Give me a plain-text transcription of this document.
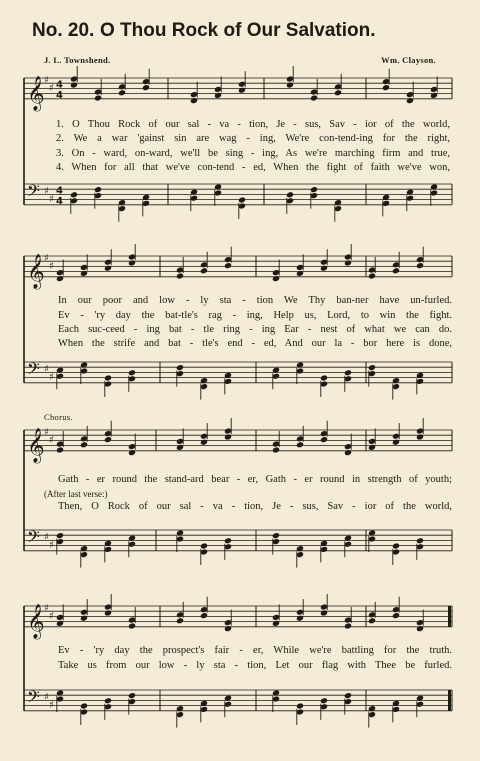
No. 20. O Thou Rock of Our Salvation.
J. L. Townshend.	Wm. Clayson.
𝄞 ♯
♯ 4
4
𝄢 ♯
♯
4
4
𝄞 ♯
♯
𝄢 ♯
♯
𝄞 ♯
♯
𝄢 ♯
♯
𝄞 ♯
♯
𝄢 ♯
♯
1. O Thou Rock of our sal - va - tion, Je - sus, Sav - ior of the world,
2. We a war 'gainst sin are wag - ing, We're con-tend-ing for the right,
3. On - ward, on-ward, we'll be sing - ing, As we're marching firm and true,
4. When for all that we've con-tend - ed, When the fight of faith we've won,
In our poor and low - ly sta - tion We Thy ban-ner have un-furled.
Ev - 'ry day the bat-tle's rag - ing, Help us, Lord, to win the fight.
Each suc-ceed - ing bat - tle ring - ing Ear - nest of what we can do.
When the strife and bat - tle's end - ed, And our la - bor here is done,
Chorus.
Gath - er round the stand-ard bear - er, Gath - er round in strength of youth;
(After last verse:)
Then, O Rock of our sal - va - tion, Je - sus, Sav - ior of the world,
Ev - 'ry day the prospect's fair - er, While we're battling for the truth.
Take us from our low - ly sta - tion, Let our flag with Thee be furled.
